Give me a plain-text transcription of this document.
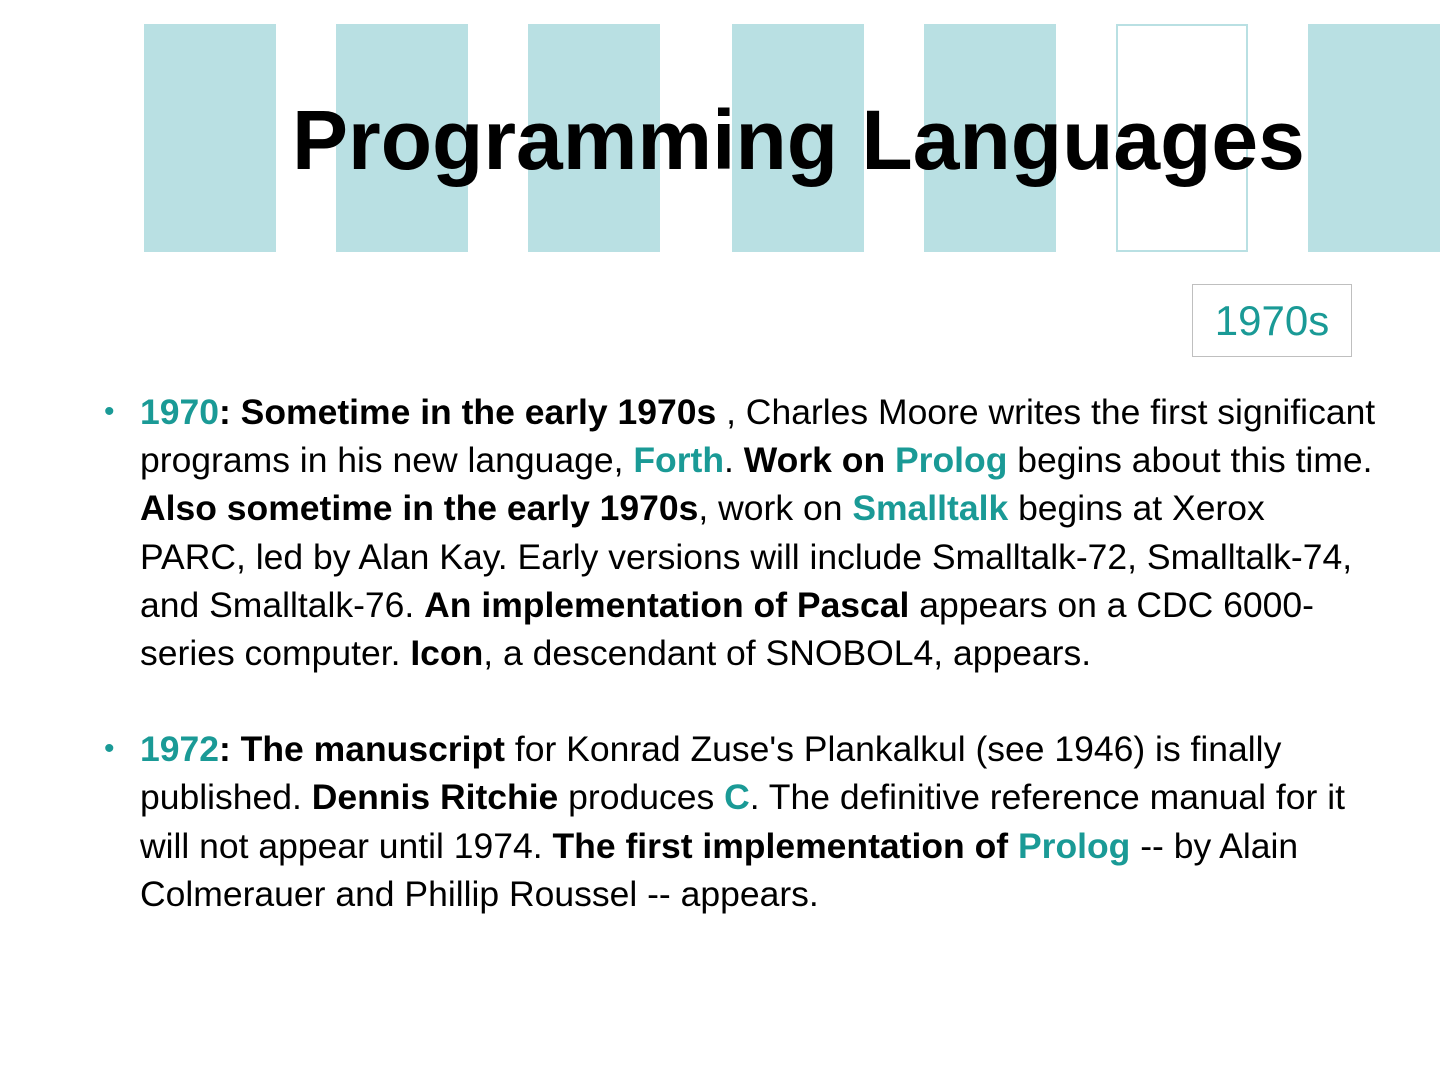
Programming Languages
1970s
• 1970: Sometime in the early 1970s , Charles Moore writes the first significant programs in his new language, Forth. Work on Prolog begins about this time. Also sometime in the early 1970s, work on Smalltalk begins at Xerox PARC, led by Alan Kay. Early versions will include Smalltalk-72, Smalltalk-74, and Smalltalk-76. An implementation of Pascal appears on a CDC 6000-series computer. Icon, a descendant of SNOBOL4, appears.
• 1972: The manuscript for Konrad Zuse's Plankalkul (see 1946) is finally published. Dennis Ritchie produces C. The definitive reference manual for it will not appear until 1974. The first implementation of Prolog -- by Alain Colmerauer and Phillip Roussel -- appears.
